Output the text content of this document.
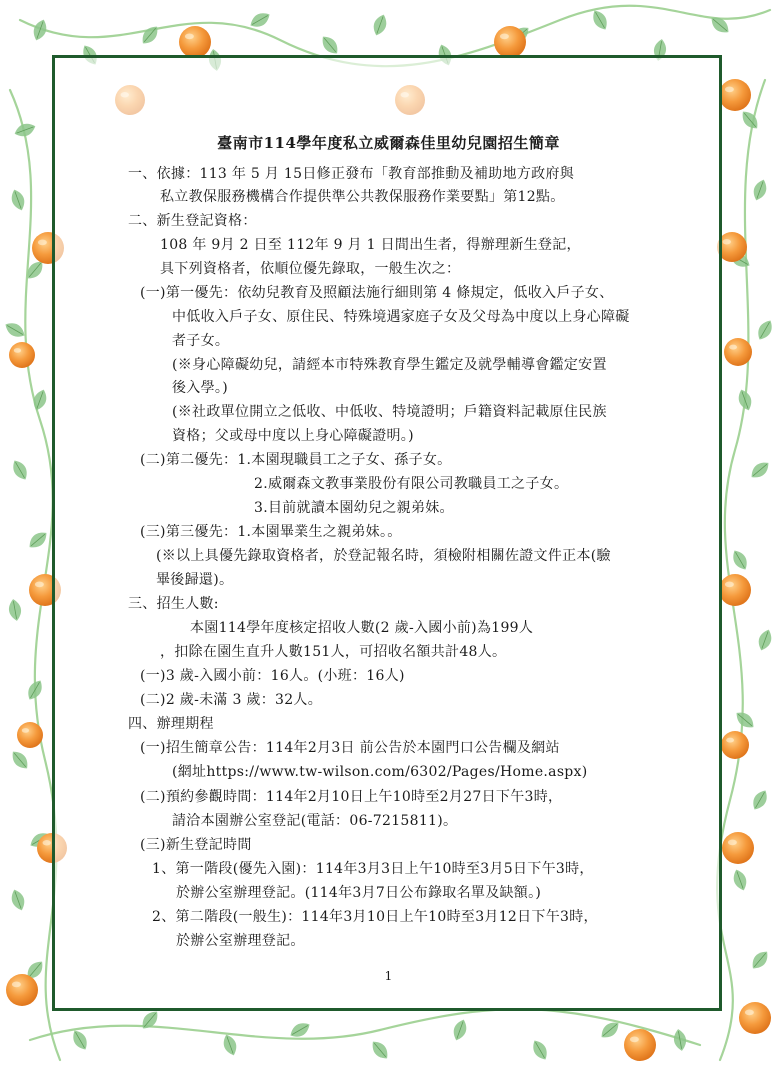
臺南市114學年度私立威爾森佳里幼兒園招生簡章
一、依據：113 年 5 月 15日修正發布「教育部推動及補助地方政府與
私立教保服務機構合作提供準公共教保服務作業要點」第12點。
二、新生登記資格：
108 年 9月 2 日至 112年 9 月 1 日間出生者，得辦理新生登記，
具下列資格者，依順位優先錄取，一般生次之：
(一)第一優先：依幼兒教育及照顧法施行細則第 4 條規定，低收入戶子女、
中低收入戶子女、原住民、特殊境遇家庭子女及父母為中度以上身心障礙
者子女。
(※身心障礙幼兒，請經本市特殊教育學生鑑定及就學輔導會鑑定安置
後入學。)
(※社政單位開立之低收、中低收、特境證明；戶籍資料記載原住民族
資格；父或母中度以上身心障礙證明。)
(二)第二優先：1.本園現職員工之子女、孫子女。
2.威爾森文教事業股份有限公司教職員工之子女。
3.目前就讀本園幼兒之親弟妹。
(三)第三優先：1.本園畢業生之親弟妹。。
(※以上具優先錄取資格者，於登記報名時，須檢附相關佐證文件正本(驗
畢後歸還)。
三、招生人數:
本園114學年度核定招收人數(2 歲-入國小前)為199人
，扣除在園生直升人數151人，可招收名額共計48人。
(一)3 歲-入國小前：16人。(小班：16人)
(二)2 歲-未滿 3 歲：32人。
四、辦理期程
(一)招生簡章公告：114年2月3日 前公告於本園門口公告欄及網站
(網址https://www.tw-wilson.com/6302/Pages/Home.aspx)
(二)預約參觀時間：114年2月10日上午10時至2月27日下午3時，
請洽本園辦公室登記(電話：06-7215811)。
(三)新生登記時間
1、第一階段(優先入園)：114年3月3日上午10時至3月5日下午3時，
於辦公室辦理登記。(114年3月7日公布錄取名單及缺額。)
2、第二階段(一般生)：114年3月10日上午10時至3月12日下午3時，
於辦公室辦理登記。
1
